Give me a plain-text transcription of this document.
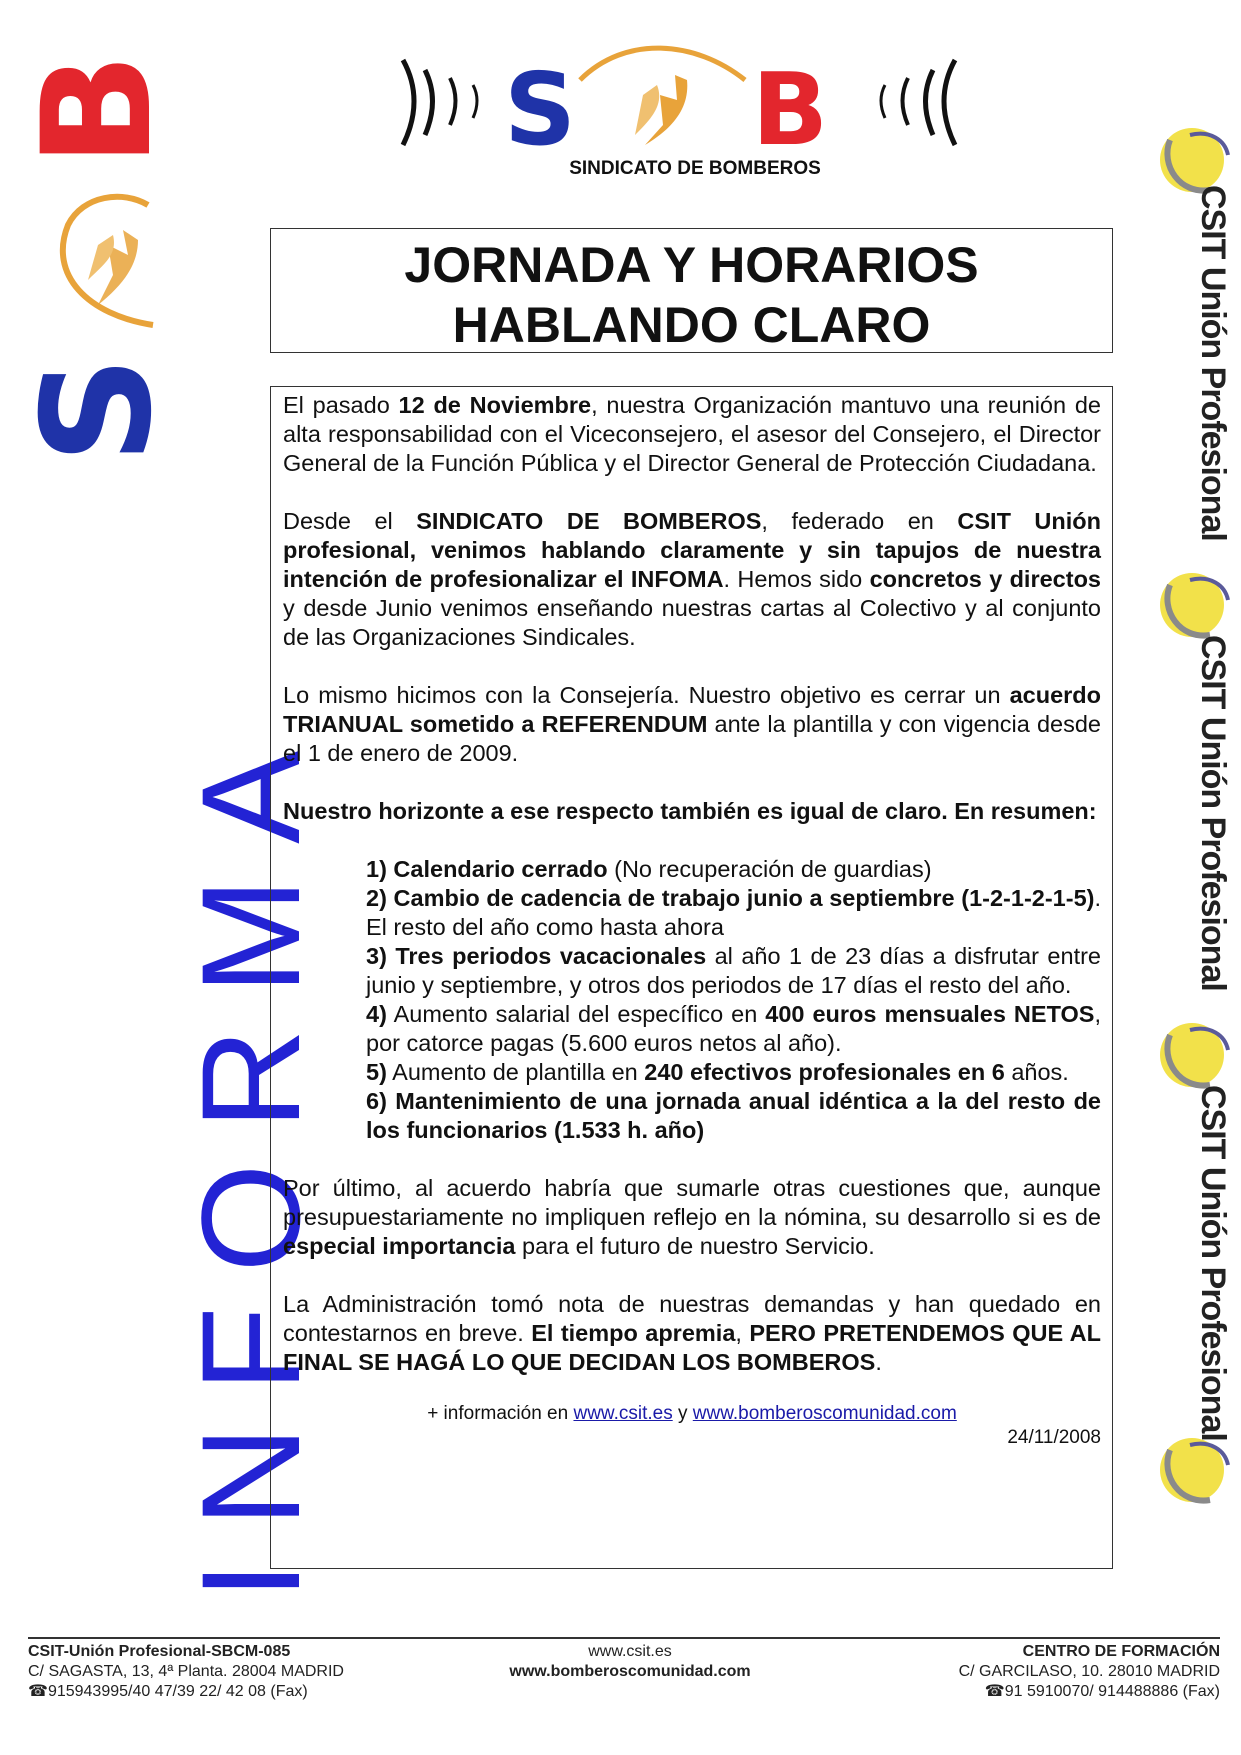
B
S
INFORMA
S B
SINDICATO DE BOMBEROS
CSIT Unión Profesional
CSIT Unión Profesional
CSIT Unión Profesional
JORNADA Y HORARIOS
HABLANDO CLARO

El pasado 12 de Noviembre, nuestra Organización mantuvo una reunión de alta responsabilidad con el Viceconsejero, el asesor del Consejero, el Director General de la Función Pública y el Director General de Protección Ciudadana.

Desde el SINDICATO DE BOMBEROS, federado en CSIT Unión profesional, venimos hablando claramente y sin tapujos de nuestra intención de profesionalizar el INFOMA. Hemos sido concretos y directos y desde Junio venimos enseñando nuestras cartas al Colectivo y al conjunto de las Organizaciones Sindicales.

Lo mismo hicimos con la Consejería. Nuestro objetivo es cerrar un acuerdo TRIANUAL sometido a REFERENDUM ante la plantilla y con vigencia desde el 1 de enero de 2009.

Nuestro horizonte a ese respecto también es igual de claro. En resumen:

1) Calendario cerrado (No recuperación de guardias)

2) Cambio de cadencia de trabajo junio a septiembre (1-2-1-2-1-5). El resto del año como hasta ahora

3) Tres periodos vacacionales al año 1 de 23 días a disfrutar entre junio y septiembre, y otros dos periodos de 17 días el resto del año.

4) Aumento salarial del específico en 400 euros mensuales NETOS, por catorce pagas (5.600 euros netos al año).

5) Aumento de plantilla en 240 efectivos profesionales en 6 años.

6) Mantenimiento de una jornada anual idéntica a la del resto de los funcionarios (1.533 h. año)

Por último, al acuerdo habría que sumarle otras cuestiones que, aunque presupuestariamente no impliquen reflejo en la nómina, su desarrollo si es de especial importancia para el futuro de nuestro Servicio.

La Administración tomó nota de nuestras demandas y han quedado en contestarnos en breve. El tiempo apremia, PERO PRETENDEMOS QUE AL FINAL SE HAGÁ LO QUE DECIDAN LOS BOMBEROS.

+ información en www.csit.es y www.bomberoscomunidad.com
24/11/2008
CSIT-Unión Profesional-SBCM-085
C/ SAGASTA, 13, 4ª Planta. 28004 MADRID
☎915943995/40 47/39 22/ 42 08 (Fax)
www.csit.es
www.bomberoscomunidad.com
CENTRO DE FORMACIÓN
C/ GARCILASO, 10. 28010 MADRID
☎91 5910070/ 914488886 (Fax)
